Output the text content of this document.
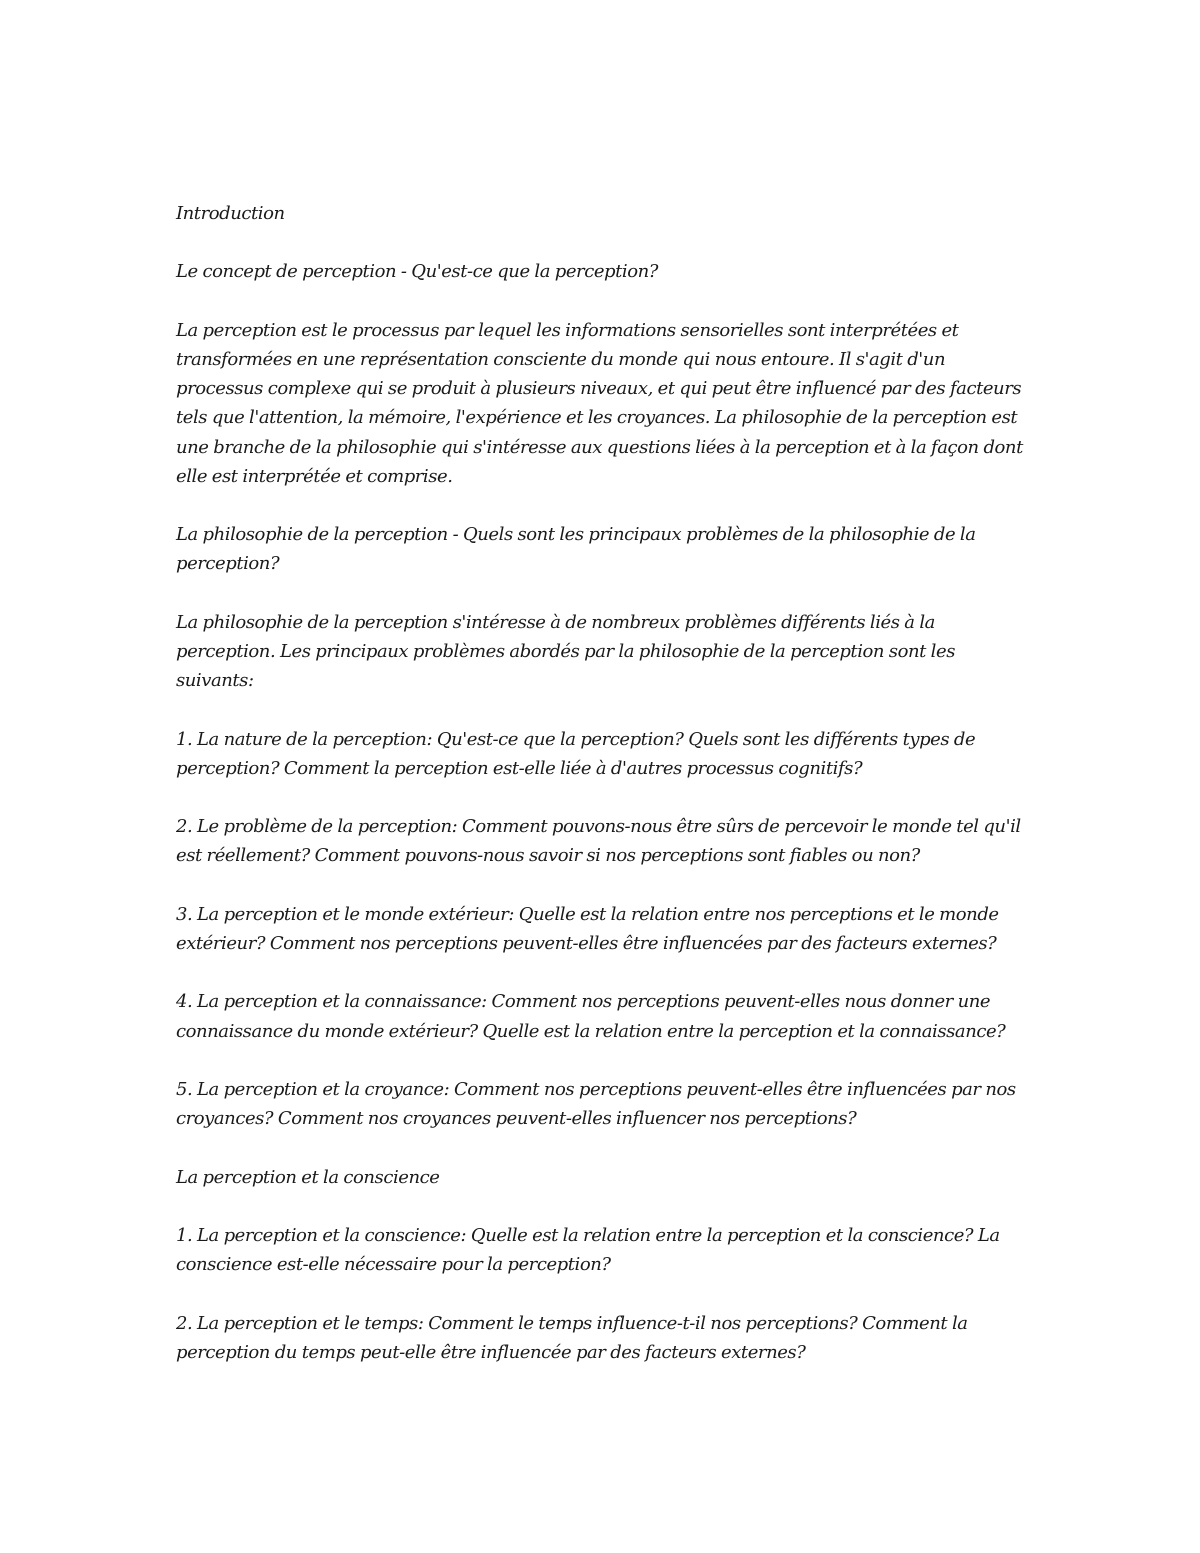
Introduction

Le concept de perception - Qu'est-ce que la perception?

La perception est le processus par lequel les informations sensorielles sont interprétées et transformées en une représentation consciente du monde qui nous entoure. Il s'agit d'un processus complexe qui se produit à plusieurs niveaux, et qui peut être influencé par des facteurs tels que l'attention, la mémoire, l'expérience et les croyances. La philosophie de la perception est une branche de la philosophie qui s'intéresse aux questions liées à la perception et à la façon dont elle est interprétée et comprise.

La philosophie de la perception - Quels sont les principaux problèmes de la philosophie de la perception?

La philosophie de la perception s'intéresse à de nombreux problèmes différents liés à la perception. Les principaux problèmes abordés par la philosophie de la perception sont les suivants:

1. La nature de la perception: Qu'est-ce que la perception? Quels sont les différents types de perception? Comment la perception est-elle liée à d'autres processus cognitifs?

2. Le problème de la perception: Comment pouvons-nous être sûrs de percevoir le monde tel qu'il est réellement? Comment pouvons-nous savoir si nos perceptions sont fiables ou non?

3. La perception et le monde extérieur: Quelle est la relation entre nos perceptions et le monde extérieur? Comment nos perceptions peuvent-elles être influencées par des facteurs externes?

4. La perception et la connaissance: Comment nos perceptions peuvent-elles nous donner une connaissance du monde extérieur? Quelle est la relation entre la perception et la connaissance?

5. La perception et la croyance: Comment nos perceptions peuvent-elles être influencées par nos croyances? Comment nos croyances peuvent-elles influencer nos perceptions?

La perception et la conscience

1. La perception et la conscience: Quelle est la relation entre la perception et la conscience? La conscience est-elle nécessaire pour la perception?

2. La perception et le temps: Comment le temps influence-t-il nos perceptions? Comment la perception du temps peut-elle être influencée par des facteurs externes?
